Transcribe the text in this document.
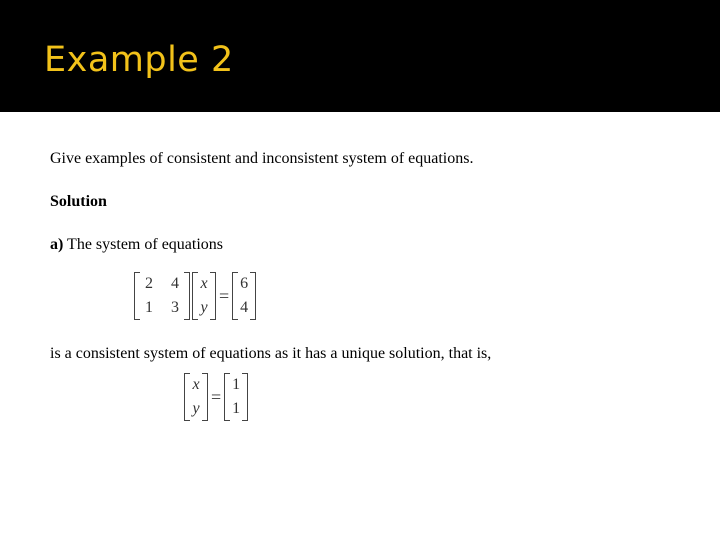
Example 2
Give examples of consistent and inconsistent system of equations.
Solution
a) The system of equations
2	4
1	3
x
y
=
6
4
is a consistent system of equations as it has a unique solution, that is,
x
y
=
1
1
